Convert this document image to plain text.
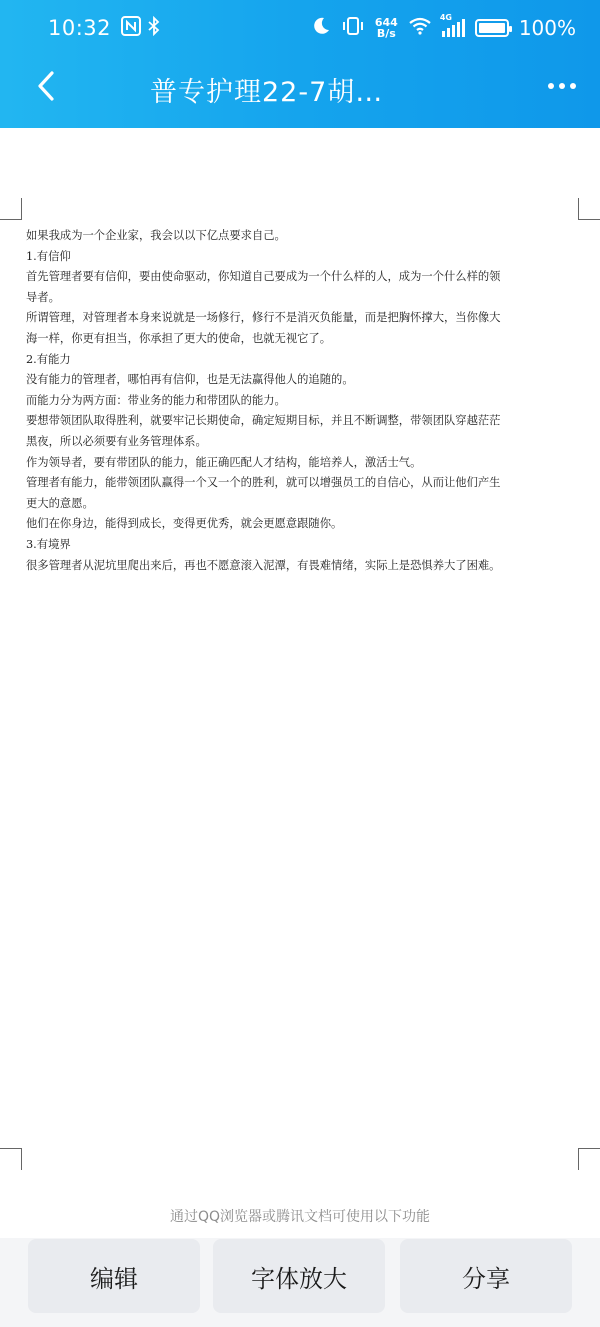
10:32	644
B/s
4G	100%
普专护理22-7胡…

如果我成为一个企业家，我会以以下亿点要求自己。

1.有信仰

首先管理者要有信仰，要由使命驱动，你知道自己要成为一个什么样的人，成为一个什么样的领

导者。

所谓管理，对管理者本身来说就是一场修行，修行不是消灭负能量，而是把胸怀撑大，当你像大

海一样，你更有担当，你承担了更大的使命，也就无视它了。

2.有能力

没有能力的管理者，哪怕再有信仰，也是无法赢得他人的追随的。

而能力分为两方面：带业务的能力和带团队的能力。

要想带领团队取得胜利，就要牢记长期使命，确定短期目标，并且不断调整，带领团队穿越茫茫

黑夜，所以必须要有业务管理体系。

作为领导者，要有带团队的能力，能正确匹配人才结构，能培养人，激活士气。

管理者有能力，能带领团队赢得一个又一个的胜利，就可以增强员工的自信心，从而让他们产生

更大的意愿。

他们在你身边，能得到成长，变得更优秀，就会更愿意跟随你。

3.有境界

很多管理者从泥坑里爬出来后，再也不愿意滚入泥潭，有畏难情绪，实际上是恐惧养大了困难。

通过QQ浏览器或腾讯文档可使用以下功能
编辑	字体放大	分享
